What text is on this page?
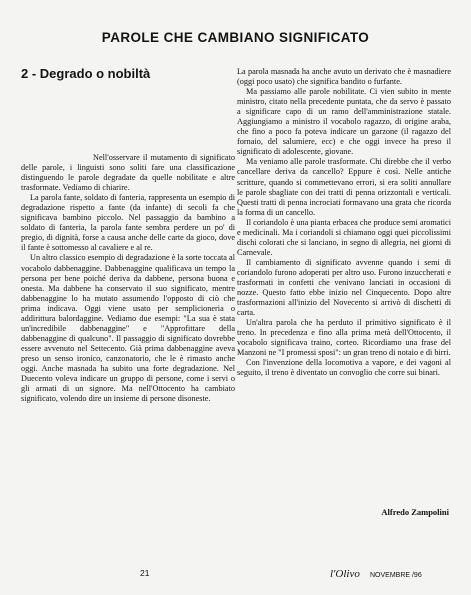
PAROLE CHE CAMBIANO SIGNIFICATO
2 - Degrado o nobiltà

Nell'osservare il mutamento di significato delle parole, i linguisti sono soliti fare una classificazione distinguendo le parole degradate da quelle nobilitate e altre trasformate. Vediamo di chiarire.

La parola fante, soldato di fanteria, rappresenta un esempio di degradazione rispetto a fante (da infante) di secoli fa che significava bambino piccolo. Nel passaggio da bambino a soldato di fanteria, la parola fante sembra perdere un po' di pregio, di dignità, forse a causa anche delle carte da gioco, dove il fante è sottomesso al cavaliere e al re.

Un altro classico esempio di degradazione è la sorte toccata al vocabolo dabbenaggine. Dabbenaggine qualificava un tempo la persona per bene poiché deriva da dabbene, persona buona e onesta. Ma dabbene ha conservato il suo significato, mentre dabbenaggine lo ha mutato assumendo l'opposto di ciò che prima indicava. Oggi viene usato per semplicioneria o addirittura balordaggine. Vediamo due esempi: "La sua è stata un'incredibile dabbenaggine" e "Approfittare della dabbenaggine di qualcuno". Il passaggio di significato dovrebbe essere avvenuto nel Settecento. Già prima dabbenaggine aveva preso un senso ironico, canzonatorio, che le è rimasto anche oggi. Anche masnada ha subito una forte degradazione. Nel Duecento voleva indicare un gruppo di persone, come i servi o gli armati di un signore. Ma nell'Ottocento ha cambiato significato, volendo dire un insieme di persone disoneste.

La parola masnada ha anche avuto un derivato che è masnadiere (oggi poco usato) che significa bandito o furfante.

Ma passiamo alle parole nobilitate. Ci vien subito in mente ministro, citato nella precedente puntata, che da servo è passato a significare capo di un ramo dell'amministrazione statale. Aggiungiamo a ministro il vocabolo ragazzo, di origine araba, che fino a poco fa poteva indicare un garzone (il ragazzo del fornaio, del salumiere, ecc) e che oggi invece ha preso il significato di adolescente, giovane.

Ma veniamo alle parole trasformate. Chi direbbe che il verbo cancellare deriva da cancello? Eppure è così. Nelle antiche scritture, quando si commettevano errori, si era soliti annullare le parole sbagliate con dei tratti di penna orizzontali e verticali. Questi tratti di penna incrociati formavano una grata che ricorda la forma di un cancello.

Il coriandolo è una pianta erbacea che produce semi aromatici e medicinali. Ma i coriandoli si chiamano oggi quei piccolissimi dischi colorati che si lanciano, in segno di allegria, nei giorni di Carnevale.

Il cambiamento di significato avvenne quando i semi di coriandolo furono adoperati per altro uso. Furono inzuccherati e trasformati in confetti che venivano lanciati in occasioni di nozze. Questo fatto ebbe inizio nel Cinquecento. Dopo altre trasformazioni all'inizio del Novecento si arrivò di dischetti di carta.

Un'altra parola che ha perduto il primitivo significato è il treno. In precedenza e fino alla prima metà dell'Ottocento, il vocabolo significava traino, corteo. Ricordiamo una frase del Manzoni ne "I promessi sposi": un gran treno di notaio e di birri.

Con l'invenzione della locomotiva a vapore, e dei vagoni al seguito, il treno è diventato un convoglio che corre sui binari.

Alfredo Zampolini

21	l'Olivo NOVEMBRE /96
